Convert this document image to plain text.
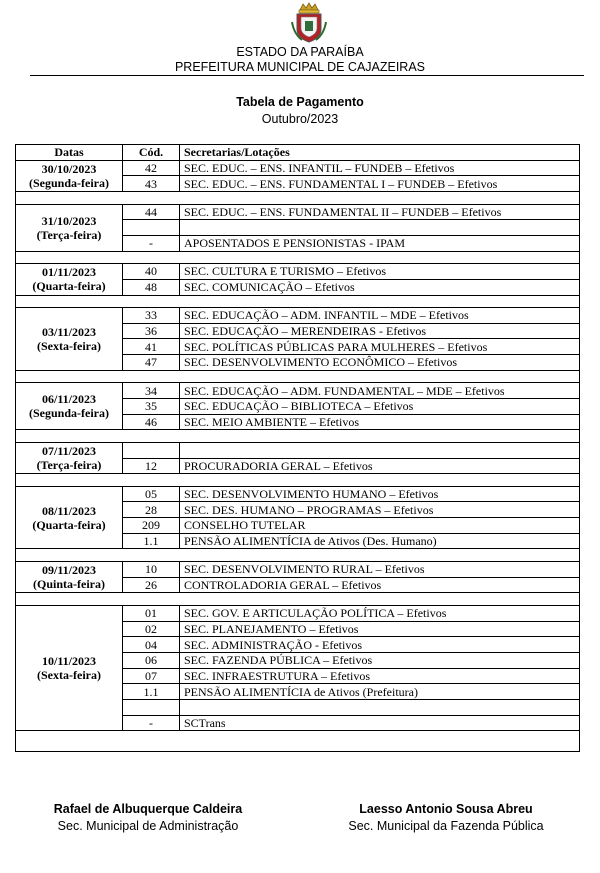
ESTADO DA PARAÍBA
PREFEITURA MUNICIPAL DE CAJAZEIRAS
Tabela de Pagamento
Outubro/2023
Datas	Cód.	Secretarias/Lotações

30/10/2023
(Segunda-feira)	42	SEC. EDUC. – ENS. INFANTIL – FUNDEB – Efetivos
	43	SEC. EDUC. – ENS. FUNDAMENTAL I – FUNDEB – Efetivos

31/10/2023
(Terça-feira)	44	SEC. EDUC. – ENS. FUNDAMENTAL II – FUNDEB – Efetivos

	-	APOSENTADOS E PENSIONISTAS - IPAM

01/11/2023
(Quarta-feira)	40	SEC. CULTURA E TURISMO – Efetivos
	48	SEC. COMUNICAÇÃO – Efetivos

03/11/2023
(Sexta-feira)	33	SEC. EDUCAÇÃO – ADM. INFANTIL – MDE – Efetivos
	36	SEC. EDUCAÇÃO – MERENDEIRAS - Efetivos
	41	SEC. POLÍTICAS PÚBLICAS PARA MULHERES – Efetivos
	47	SEC. DESENVOLVIMENTO ECONÔMICO – Efetivos

06/11/2023
(Segunda-feira)	34	SEC. EDUCAÇÃO – ADM. FUNDAMENTAL – MDE – Efetivos
	35	SEC. EDUCAÇÃO – BIBLIOTECA – Efetivos
	46	SEC. MEIO AMBIENTE – Efetivos

07/11/2023
(Terça-feira)		

	12	PROCURADORIA GERAL – Efetivos

08/11/2023
(Quarta-feira)	05	SEC. DESENVOLVIMENTO HUMANO – Efetivos
	28	SEC. DES. HUMANO – PROGRAMAS – Efetivos
	209	CONSELHO TUTELAR
	1.1	PENSÃO ALIMENTÍCIA de Ativos (Des. Humano)

09/11/2023
(Quinta-feira)	10	SEC. DESENVOLVIMENTO RURAL – Efetivos
	26	CONTROLADORIA GERAL – Efetivos

10/11/2023
(Sexta-feira)	01	SEC. GOV. E ARTICULAÇÃO POLÍTICA – Efetivos
	02	SEC. PLANEJAMENTO – Efetivos
	04	SEC. ADMINISTRAÇÃO - Efetivos
	06	SEC. FAZENDA PÚBLICA – Efetivos
	07	SEC. INFRAESTRUTURA – Efetivos
	1.1	PENSÃO ALIMENTÍCIA de Ativos (Prefeitura)

	-	SCTrans

Rafael de Albuquerque Caldeira
Sec. Municipal de Administração
Laesso Antonio Sousa Abreu
Sec. Municipal da Fazenda Pública
